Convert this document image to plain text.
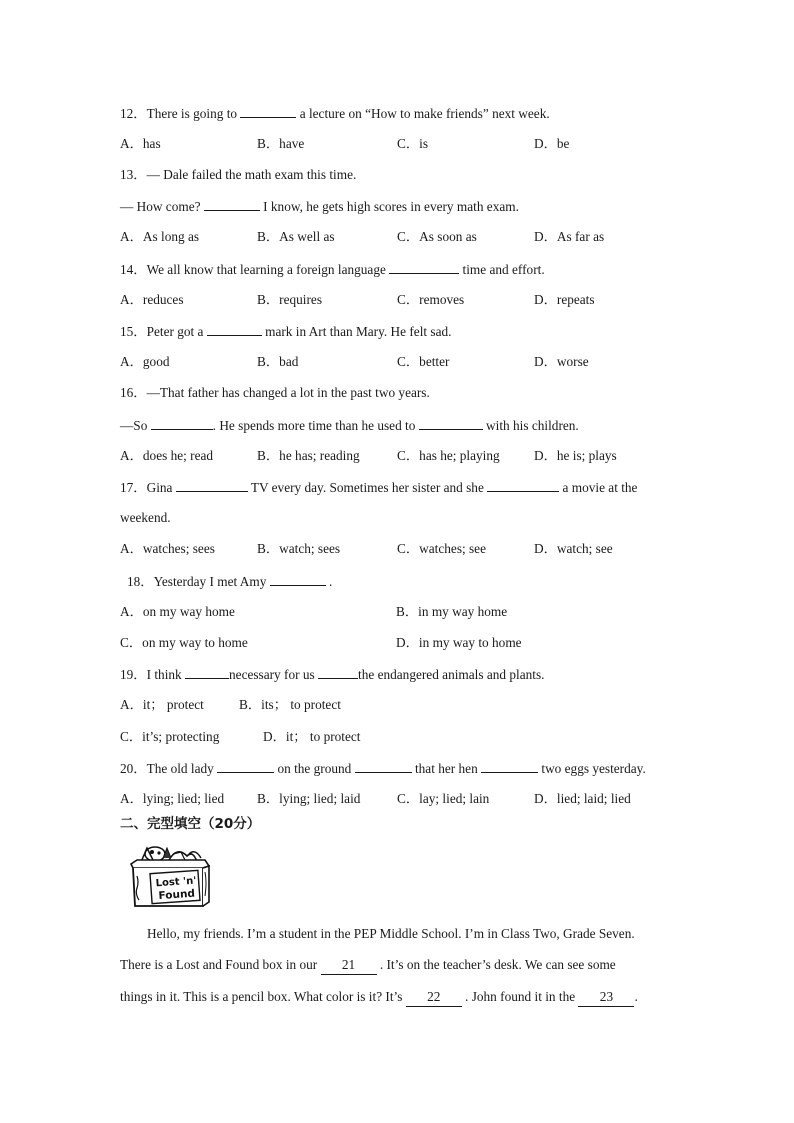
12．There is going to	a lecture on “How to make friends” next week.
A．has	B．have	C．is	D．be
13．— Dale failed the math exam this time.
— How come?	I know, he gets high scores in every math exam.
A．As long as	B．As well as	C．As soon as	D．As far as
14．We all know that learning a foreign language	time and effort.
A．reduces	B．requires	C．removes	D．repeats
15．Peter got a	mark in Art than Mary. He felt sad.
A．good	B．bad	C．better	D．worse
16．—That father has changed a lot in the past two years.
—So	. He spends more time than he used to	with his children.
A．does he; read	B．he has; reading	C．has he; playing	D．he is; plays
17．Gina	TV every day. Sometimes her sister and she	a movie at the
weekend.
A．watches; sees	B．watch; sees	C．watches; see	D．watch; see
18．Yesterday I met Amy	.
A．on my way home	B．in my way home
C．on my way to home	D．in my way to home
19．I think	necessary for us	the endangered animals and plants.
A．it； protect	B．its； to protect
C．it’s; protecting	D．it； to protect
20．The old lady	on the ground	that her hen	two eggs yesterday.
A．lying; lied; lied B．lying; lied; laid	C．lay; lied; lain	D．lied; laid; lied
二、完型填空（20分）
Lost 'n'
Found
Hello, my friends. I’m a student in the PEP Middle School. I’m in Class Two, Grade Seven.
There is a Lost and Found box in our 21 . It’s on the teacher’s desk. We can see some
things in it. This is a pencil box. What color is it? It’s 22 . John found it in the 23 .
